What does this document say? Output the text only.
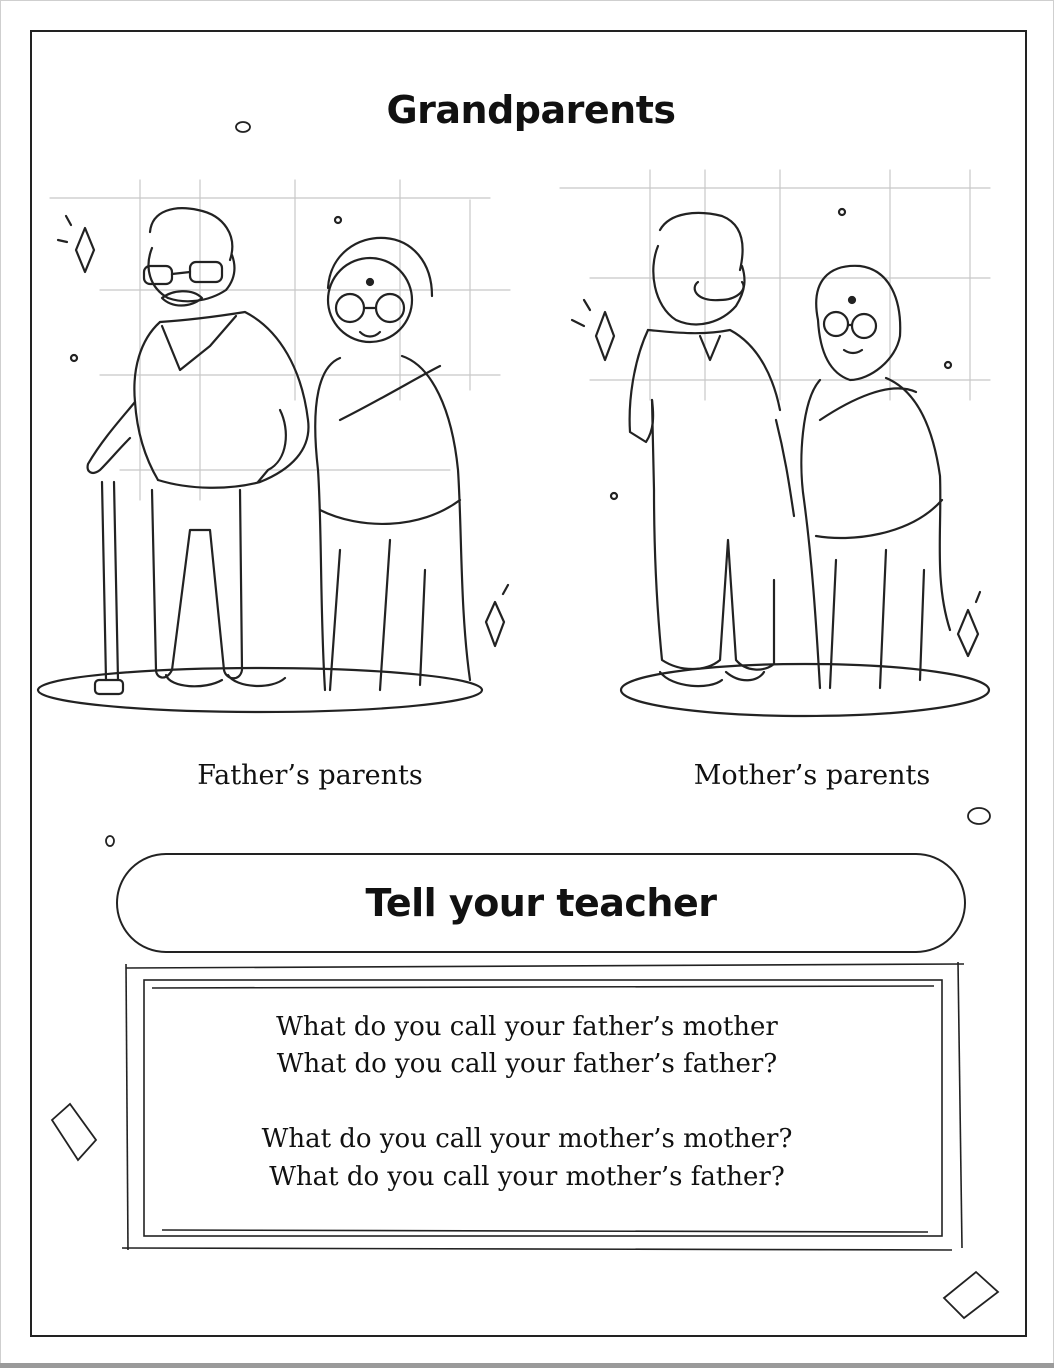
Grandparents
Father’s parents	Mother’s parents
Tell your teacher
What do you call your father’s mother
What do you call your father’s father?
What do you call your mother’s mother?
What do you call your mother’s father?
